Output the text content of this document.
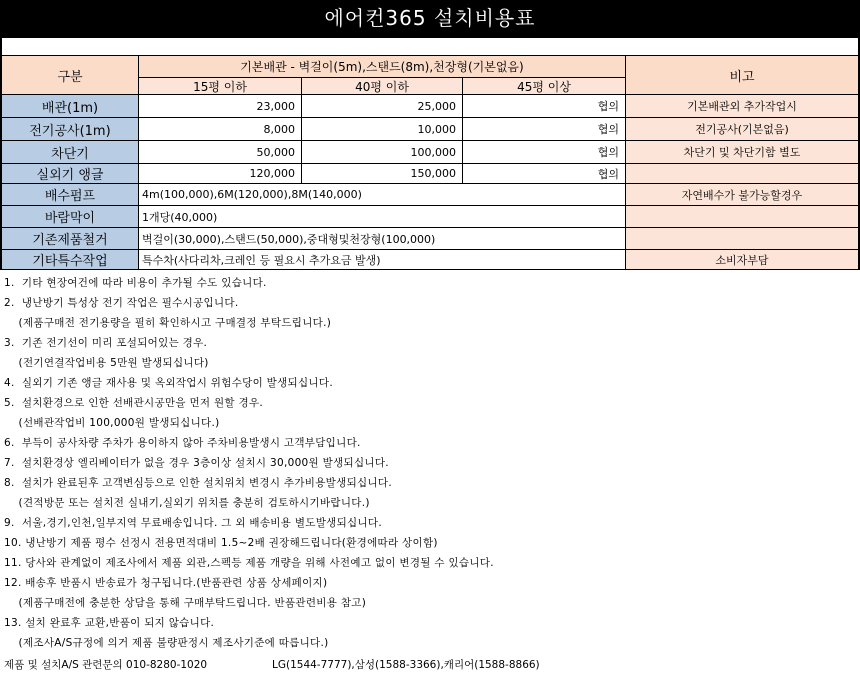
에어컨365 설치비용표
구분
기본배관 - 벽걸이(5m),스탠드(8m),천장형(기본없음)
15평 이하	40평 이하	45평 이상
비고
배관(1m)	23,000	25,000	협의	기본배관외 추가작업시
전기공사(1m)	8,000	10,000	협의	전기공사(기본없음)
차단기	50,000	100,000	협의	차단기 및 차단기함 별도
실외기 앵글	120,000	150,000	협의
배수펌프	4m(100,000),6M(120,000),8M(140,000)	자연배수가 불가능할경우
바람막이	1개당(40,000)
기존제품철거	벽걸이(30,000),스탠드(50,000),중대형및천장형(100,000)
기타특수작업	특수차(사다리차,크레인 등 필요시 추가요금 발생)	소비자부담
1.  기타 현장여건에 따라 비용이 추가될 수도 있습니다.
2.  냉난방기 특성상 전기 작업은 필수시공입니다.
(제품구매전 전기용량을 필히 확인하시고 구매결정 부탁드립니다.)
3.  기존 전기선이 미리 포설되어있는 경우.
(전기연결작업비용 5만원 발생되십니다)
4.  실외기 기존 앵글 재사용 및 옥외작업시 위험수당이 발생되십니다.
5.  설치환경으로 인한 선배관시공만을 먼저 원할 경우.
(선배관작업비 100,000원 발생되십니다.)
6.  부득이 공사차량 주차가 용이하지 않아 주차비용발생시 고객부담입니다.
7.  설치환경상 엘리베이터가 없을 경우 3층이상 설치시 30,000원 발생되십니다.
8.  설치가 완료된후 고객변심등으로 인한 설치위치 변경시 추가비용발생되십니다.
(견적방문 또는 설치전 실내기,실외기 위치를 충분히 검토하시기바랍니다.)
9.  서울,경기,인천,일부지역 무료배송입니다. 그 외 배송비용 별도발생되십니다.
10. 냉난방기 제품 평수 선정시 전용면적대비 1.5~2배 권장해드립니다(환경에따라 상이함)
11. 당사와 관계없이 제조사에서 제품 외관,스펙등 제품 개량을 위해 사전예고 없이 변경될 수 있습니다.
12. 배송후 반품시 반송료가 청구됩니다.(반품관련 상품 상세페이지)
(제품구매전에 충분한 상담을 통해 구매부탁드립니다. 반품관련비용 참고)
13. 설치 완료후 교환,반품이 되지 않습니다.
(제조사A/S규정에 의거 제품 불량판정시 제조사기준에 따릅니다.)
제품 및 설치A/S 관련문의 010-8280-1020	LG(1544-7777),삼성(1588-3366),캐리어(1588-8866)
